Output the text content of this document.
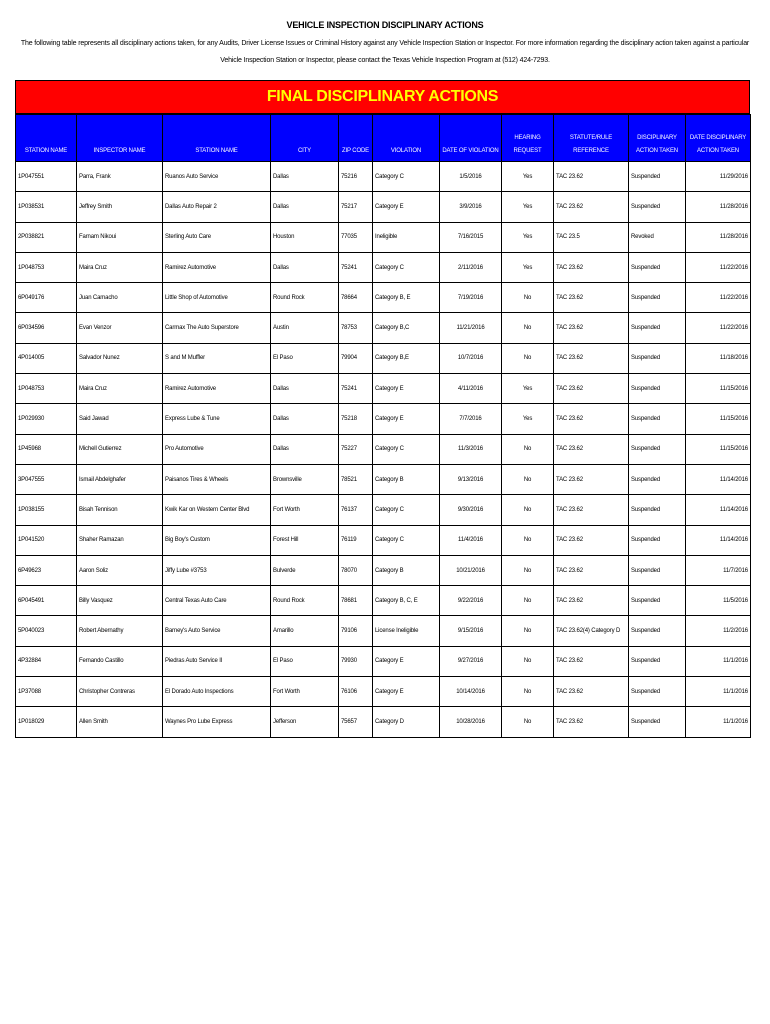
VEHICLE INSPECTION DISCIPLINARY ACTIONS
The following table represents all disciplinary actions taken, for any Audits, Driver License Issues or Criminal History against any Vehicle Inspection Station or Inspector. For more information regarding the disciplinary action taken against a particular
Vehicle Inspection Station or Inspector, please contact the Texas Vehicle Inspection Program at (512) 424-7293.
FINAL DISCIPLINARY ACTIONS
STATION NAME	INSPECTOR NAME	STATION NAME	CITY	ZIP CODE	VIOLATION	DATE OF VIOLATION	HEARING REQUEST	STATUTE/RULE REFERENCE	DISCIPLINARY ACTION TAKEN	DATE DISCIPLINARY ACTION TAKEN

1P047551	Parra, Frank	Ruanos Auto Service	Dallas	75216	Category C	1/5/2016	Yes	TAC 23.62	Suspended	11/29/2016
1P038531	Jeffrey Smith	Dallas Auto Repair 2	Dallas	75217	Category E	3/9/2016	Yes	TAC 23.62	Suspended	11/28/2016
2P038821	Farnam Nikoui	Sterling Auto Care	Houston	77035	Ineligible	7/16/2015	Yes	TAC 23.5	Revoked	11/28/2016
1P048753	Maira Cruz	Ramirez Automotive	Dallas	75241	Category C	2/11/2016	Yes	TAC 23.62	Suspended	11/22/2016
6P049176	Juan Camacho	Little Shop of Automotive	Round Rock	78664	Category B, E	7/19/2016	No	TAC 23.62	Suspended	11/22/2016
6P034596	Evan Venzor	Carmax The Auto Superstore	Austin	78753	Category B,C	11/21/2016	No	TAC 23.62	Suspended	11/22/2016
4P014005	Salvador Nunez	S and M Muffler	El Paso	79904	Category B,E	10/7/2016	No	TAC 23.62	Suspended	11/18/2016
1P048753	Maira Cruz	Ramirez Automotive	Dallas	75241	Category E	4/11/2016	Yes	TAC 23.62	Suspended	11/15/2016
1P029930	Said Jawad	Express Lube & Tune	Dallas	75218	Category E	7/7/2016	Yes	TAC 23.62	Suspended	11/15/2016
1P45968	Michell Gutierrez	Pro Automotive	Dallas	75227	Category C	11/3/2016	No	TAC 23.62	Suspended	11/15/2016
3P047555	Ismail Abdelghafer	Paisanos Tires & Wheels	Brownsville	78521	Category B	9/13/2016	No	TAC 23.62	Suspended	11/14/2016
1P038155	Bisah Tennison	Kwik Kar on Western Center Blvd	Fort Worth	76137	Category C	9/30/2016	No	TAC 23.62	Suspended	11/14/2016
1P041520	Shaher Ramazan	Big Boy's Custom	Forest Hill	76119	Category C	11/4/2016	No	TAC 23.62	Suspended	11/14/2016
6P49623	Aaron Soliz	Jiffy Lube #3753	Bulverde	78070	Category B	10/21/2016	No	TAC 23.62	Suspended	11/7/2016
6P045491	Billy Vasquez	Central Texas Auto Care	Round Rock	78681	Category B, C, E	9/22/2016	No	TAC 23.62	Suspended	11/5/2016
5P040023	Robert Abernathy	Barney's Auto Service	Amarillo	79106	License Ineligible	9/15/2016	No	TAC 23.62(4) Category D	Suspended	11/2/2016
4P32884	Fernando Castillo	Piedras Auto Service II	El Paso	79930	Category E	9/27/2016	No	TAC 23.62	Suspended	11/1/2016
1P37088	Christopher Contreras	El Dorado Auto Inspections	Fort Worth	76106	Category E	10/14/2016	No	TAC 23.62	Suspended	11/1/2016
1P018029	Allen Smith	Waynes Pro Lube Express	Jefferson	75657	Category D	10/28/2016	No	TAC 23.62	Suspended	11/1/2016
